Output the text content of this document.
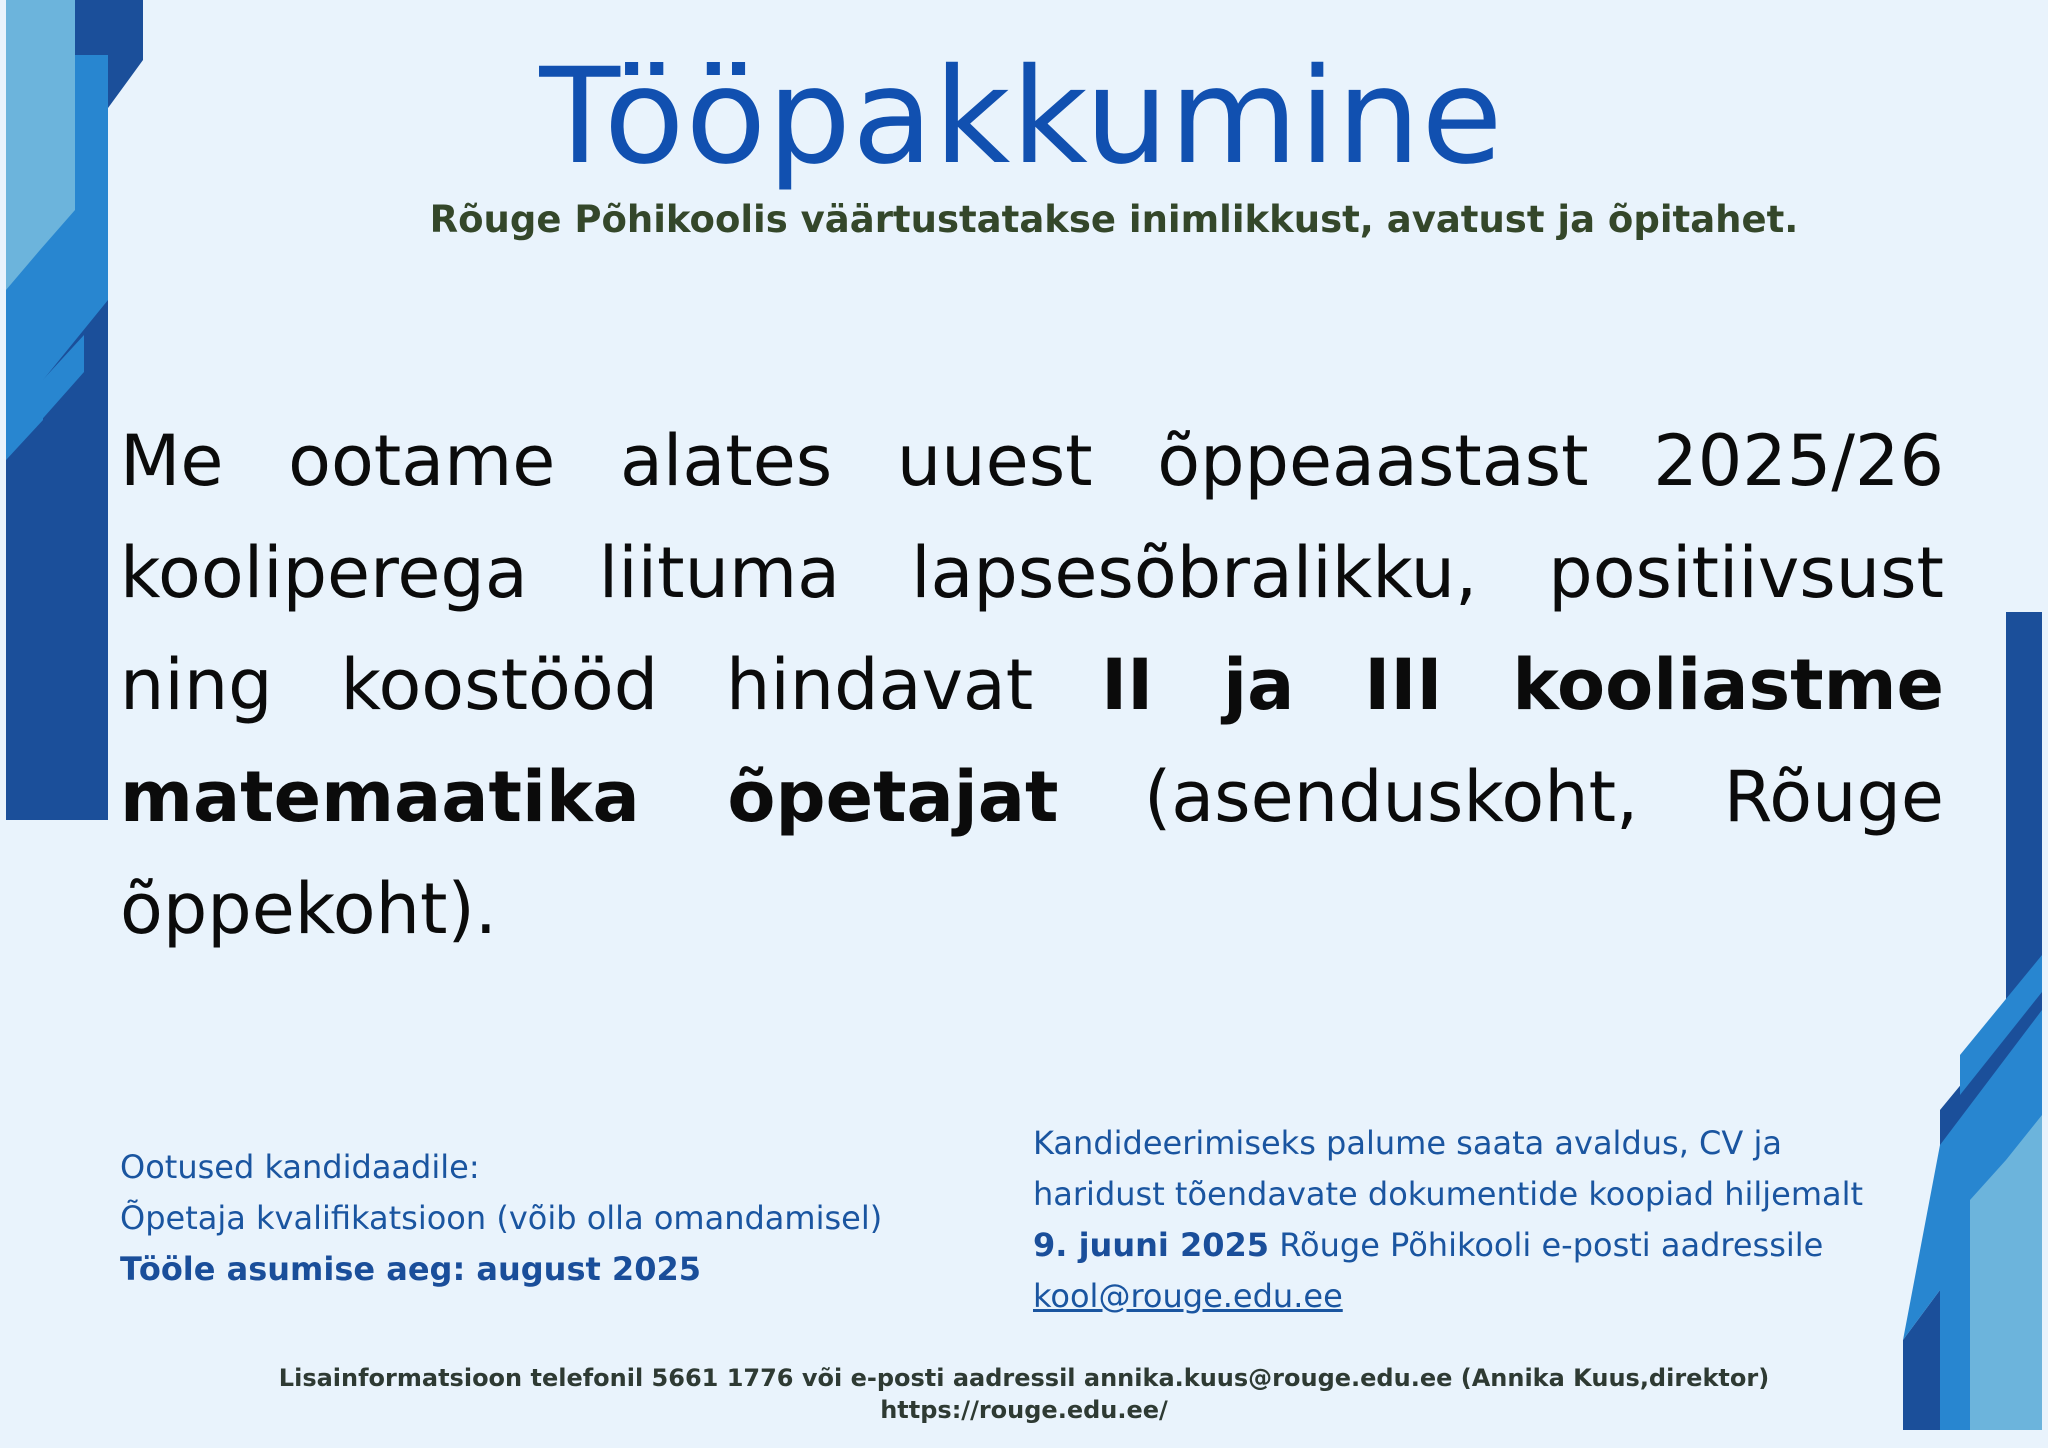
Tööpakkumine
Rõuge Põhikoolis väärtustatakse inimlikkust, avatust ja õpitahet.

Me ootame alates uuest õppeaastast 2025/26 kooliperega liituma lapsesõbralikku, positiivsust ning koostööd hindavat II ja III kooliastme matemaatika õpetajat (asenduskoht, Rõuge õppekoht).

Ootused kandidaadile:
Õpetaja kvalifikatsioon (võib olla omandamisel)
Tööle asumise aeg: august 2025
Kandideerimiseks palume saata avaldus, CV ja
haridust tõendavate dokumentide koopiad hiljemalt
9. juuni 2025 Rõuge Põhikooli e-posti aadressile
kool@rouge.edu.ee
Lisainformatsioon telefonil 5661 1776 või e-posti aadressil annika.kuus@rouge.edu.ee (Annika Kuus,direktor)
https://rouge.edu.ee/
